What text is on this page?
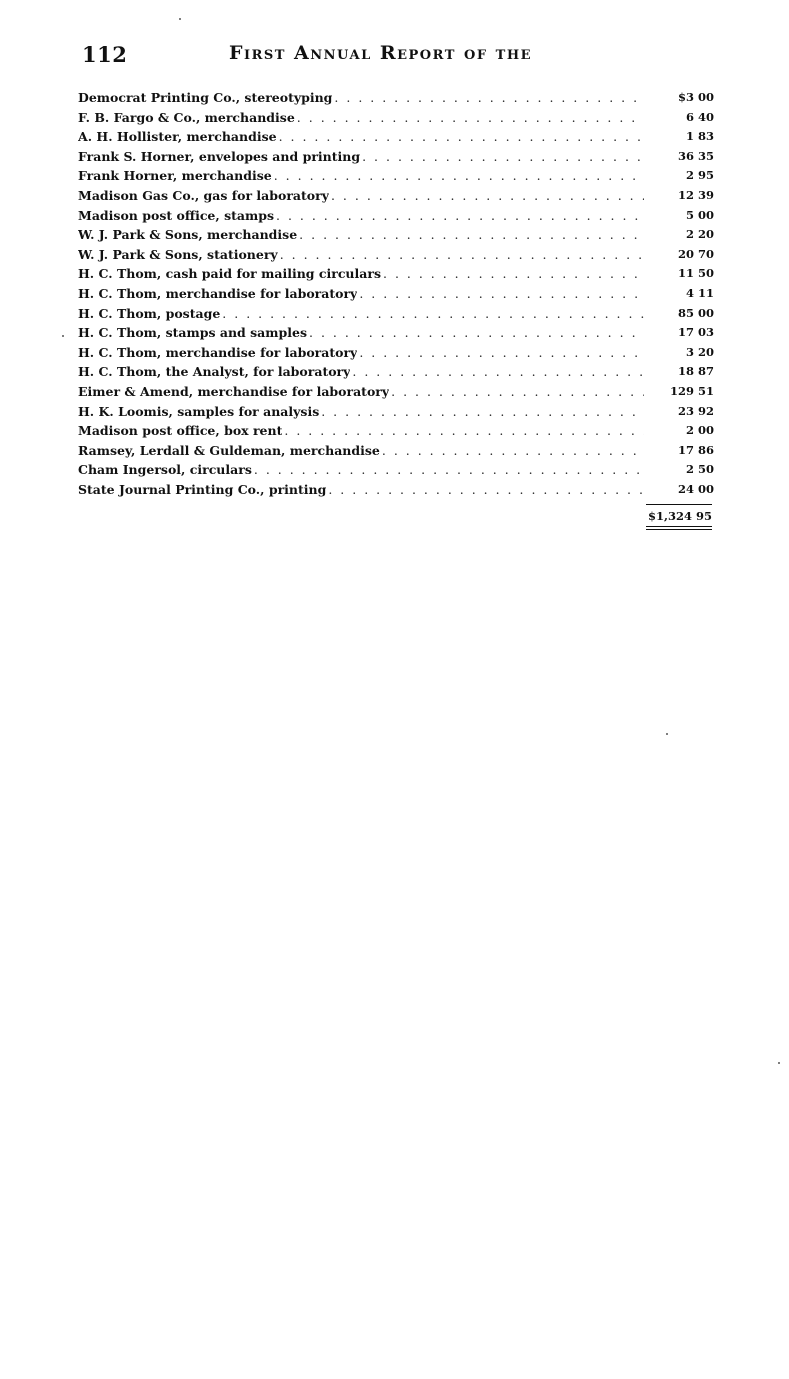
112	First Annual Report of the
Democrat Printing Co., stereotyping . . .	$3 00
F. B. Fargo & Co., merchandise . . .	6 40
A. H. Hollister, merchandise . . .	1 83
Frank S. Horner, envelopes and printing . . .	36 35
Frank Horner, merchandise . . .	2 95
Madison Gas Co., gas for laboratory . . .	12 39
Madison post office, stamps . . .	5 00
W. J. Park & Sons, merchandise . . .	2 20
W. J. Park & Sons, stationery . . .	20 70
H. C. Thom, cash paid for mailing circulars . . .	11 50
H. C. Thom, merchandise for laboratory . . .	4 11
H. C. Thom, postage . . .	85 00
H. C. Thom, stamps and samples . . .	17 03
H. C. Thom, merchandise for laboratory . . .	3 20
H. C. Thom, the Analyst, for laboratory . . .	18 87
Eimer & Amend, merchandise for laboratory . . .	129 51
H. K. Loomis, samples for analysis . . .	23 92
Madison post office, box rent . . .	2 00
Ramsey, Lerdall & Guldeman, merchandise . . .	17 86
Cham Ingersol, circulars . . .	2 50
State Journal Printing Co., printing . . .	24 00
$1,324 95
